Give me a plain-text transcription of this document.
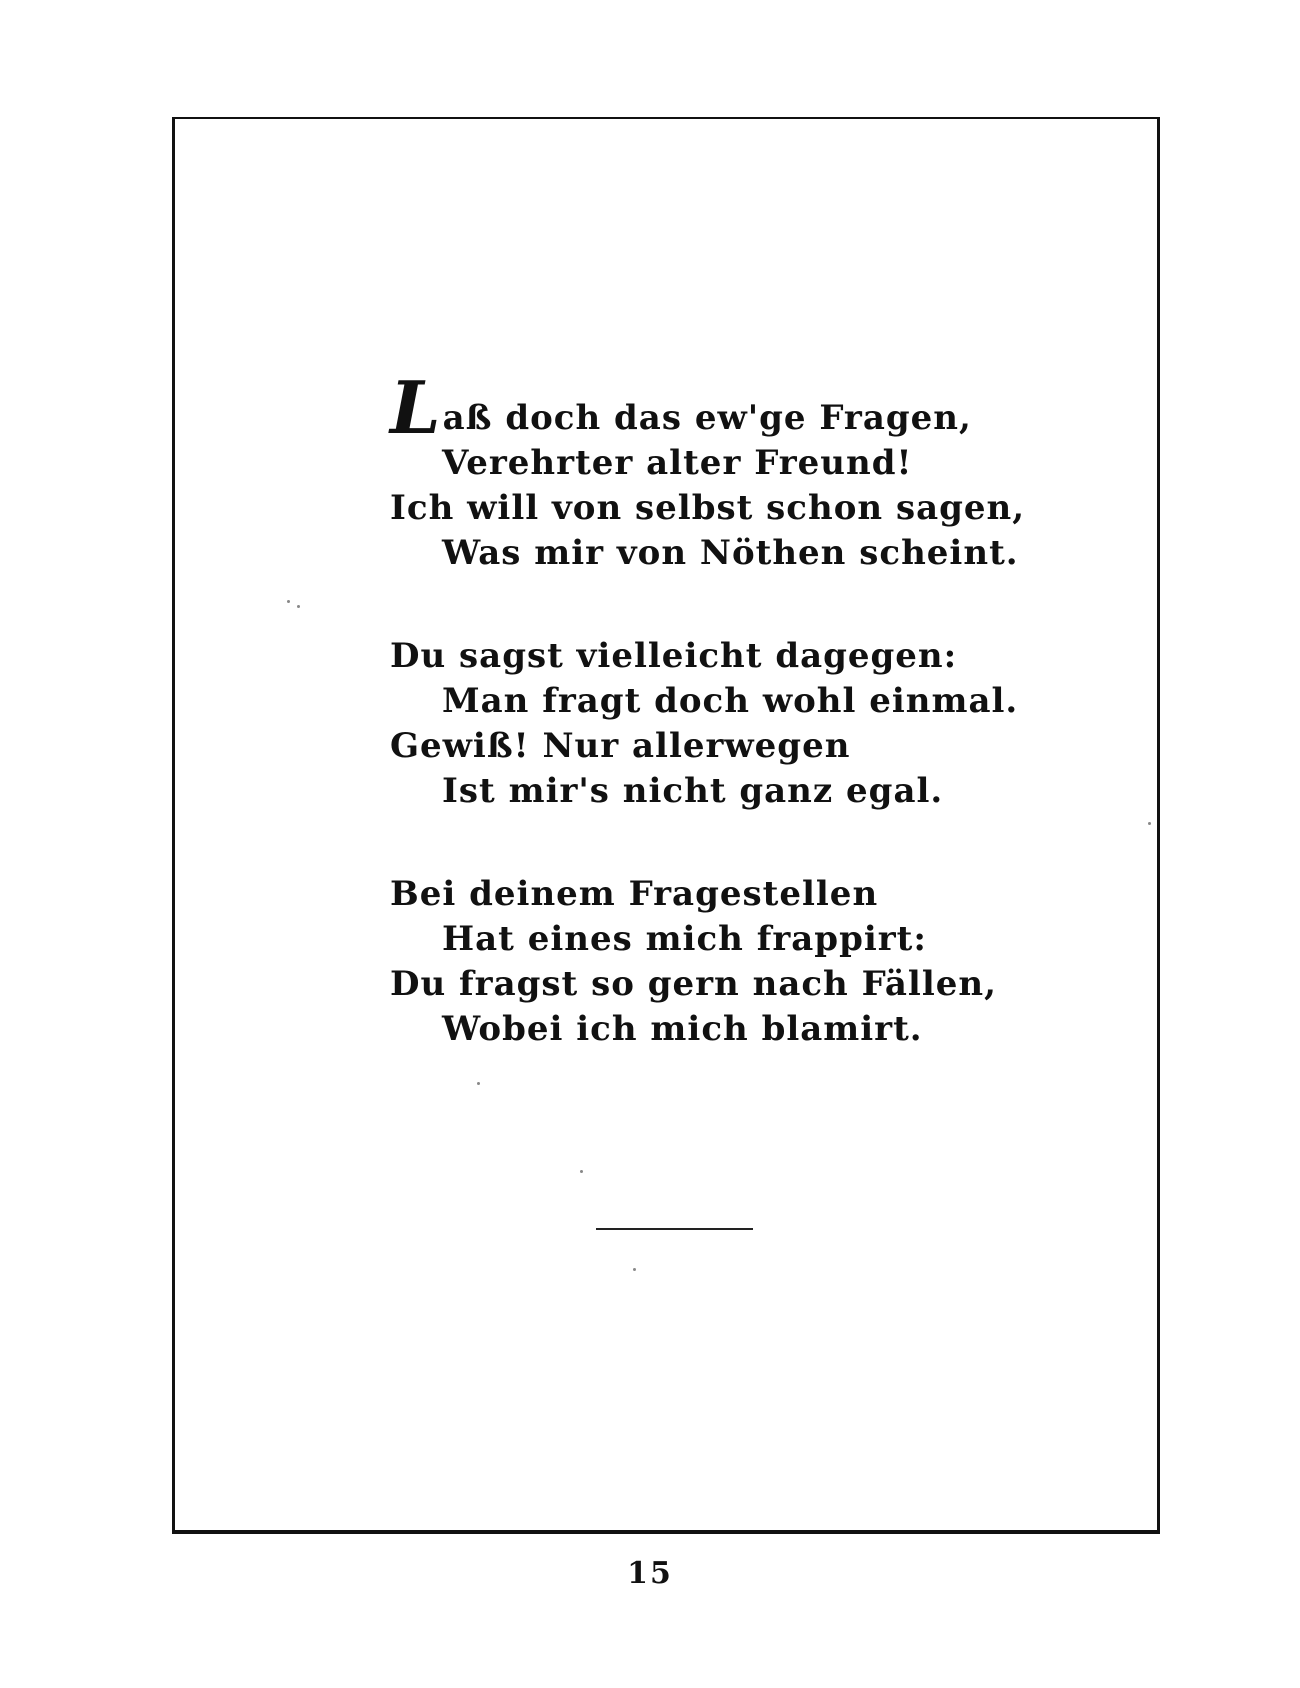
Laß doch das ew'ge Fragen,
Verehrter alter Freund!
Ich will von selbst schon sagen,
Was mir von Nöthen scheint.
Du sagst vielleicht dagegen:
Man fragt doch wohl einmal.
Gewiß! Nur allerwegen
Ist mir's nicht ganz egal.
Bei deinem Fragestellen
Hat eines mich frappirt:
Du fragst so gern nach Fällen,
Wobei ich mich blamirt.
15
